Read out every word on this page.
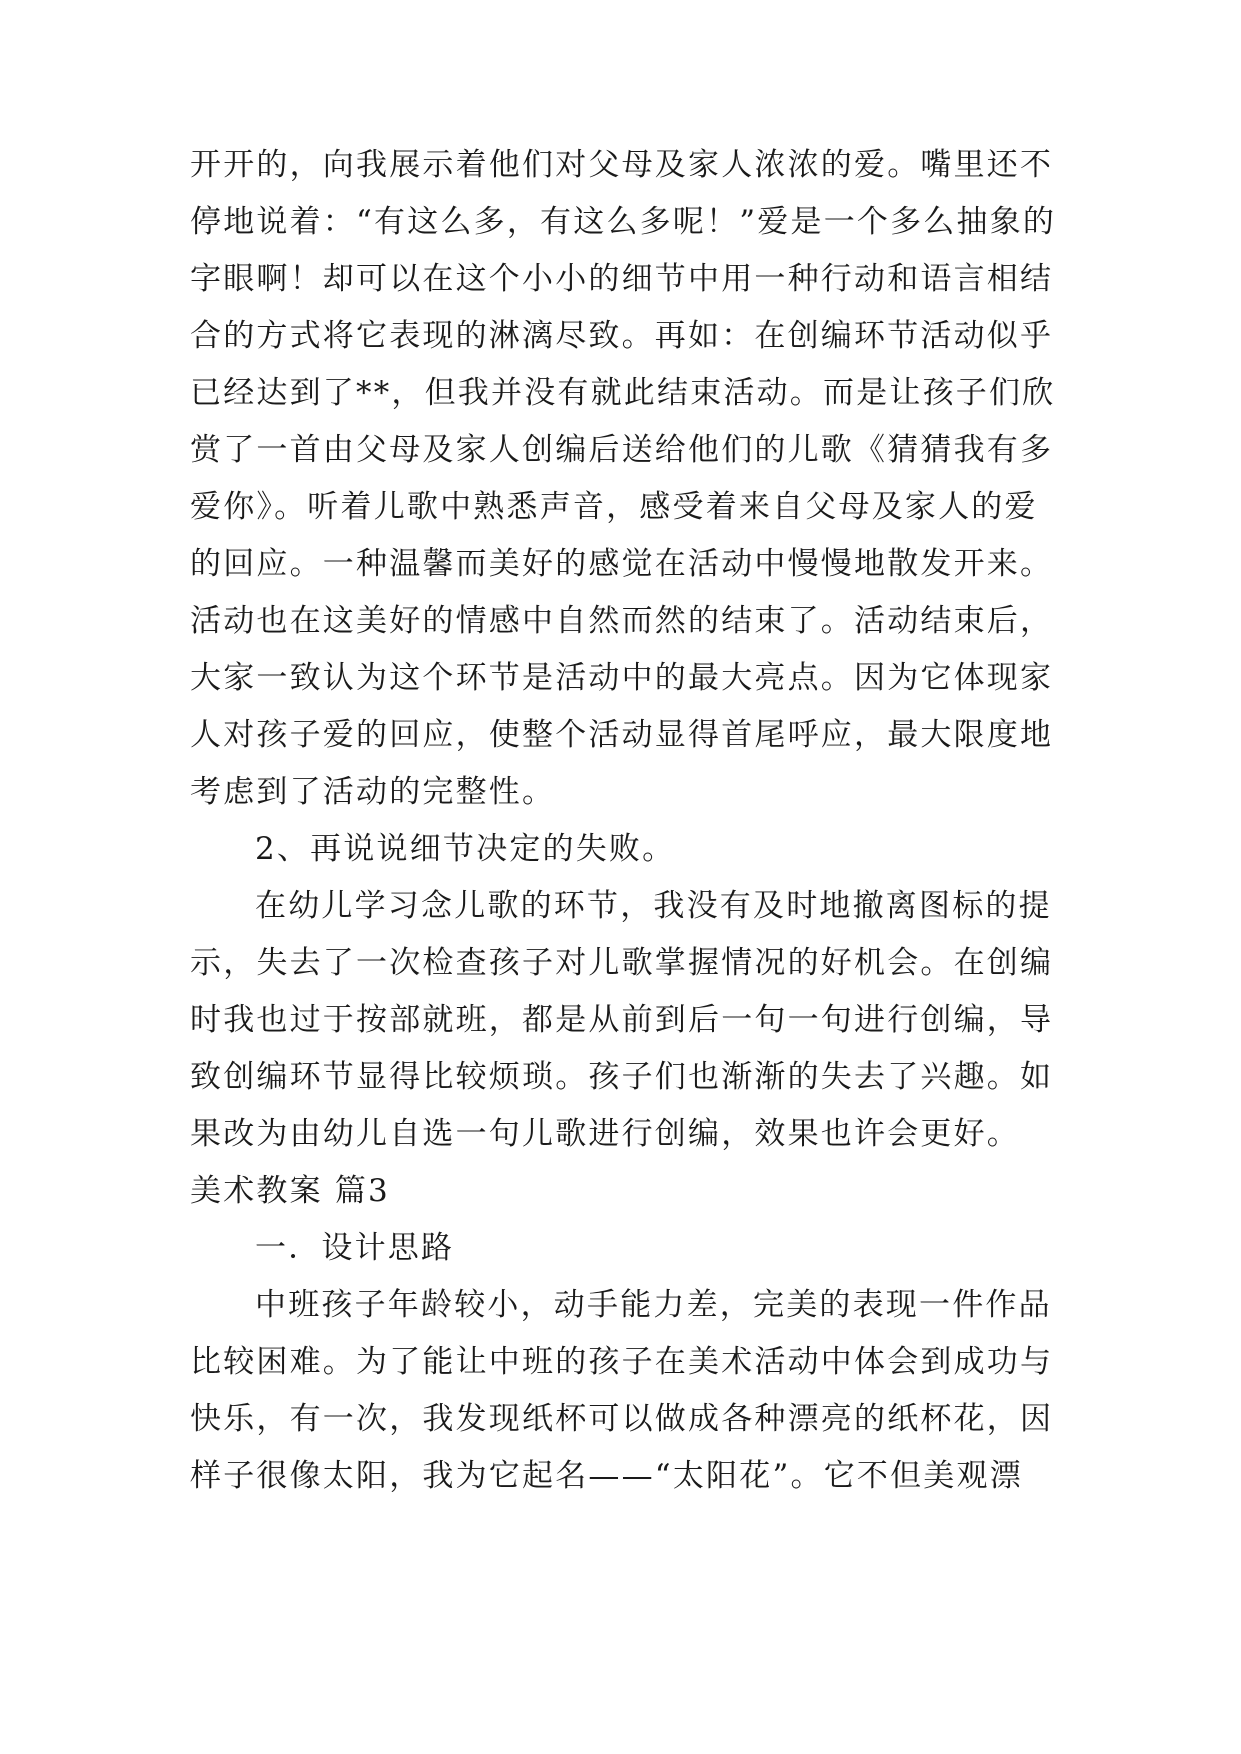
开开的，向我展示着他们对父母及家人浓浓的爱。嘴里还不
停地说着：“有这么多，有这么多呢！”爱是一个多么抽象的
字眼啊！却可以在这个小小的细节中用一种行动和语言相结
合的方式将它表现的淋漓尽致。再如：在创编环节活动似乎
已经达到了**，但我并没有就此结束活动。而是让孩子们欣
赏了一首由父母及家人创编后送给他们的儿歌《猜猜我有多
爱你》。听着儿歌中熟悉声音，感受着来自父母及家人的爱
的回应。一种温馨而美好的感觉在活动中慢慢地散发开来。
活动也在这美好的情感中自然而然的结束了。活动结束后，
大家一致认为这个环节是活动中的最大亮点。因为它体现家
人对孩子爱的回应，使整个活动显得首尾呼应，最大限度地
考虑到了活动的完整性。
2、再说说细节决定的失败。
在幼儿学习念儿歌的环节，我没有及时地撤离图标的提
示，失去了一次检查孩子对儿歌掌握情况的好机会。在创编
时我也过于按部就班，都是从前到后一句一句进行创编，导
致创编环节显得比较烦琐。孩子们也渐渐的失去了兴趣。如
果改为由幼儿自选一句儿歌进行创编，效果也许会更好。
美术教案 篇3
一．设计思路
中班孩子年龄较小，动手能力差，完美的表现一件作品
比较困难。为了能让中班的孩子在美术活动中体会到成功与
快乐，有一次，我发现纸杯可以做成各种漂亮的纸杯花，因
样子很像太阳，我为它起名——“太阳花”。它不但美观漂
